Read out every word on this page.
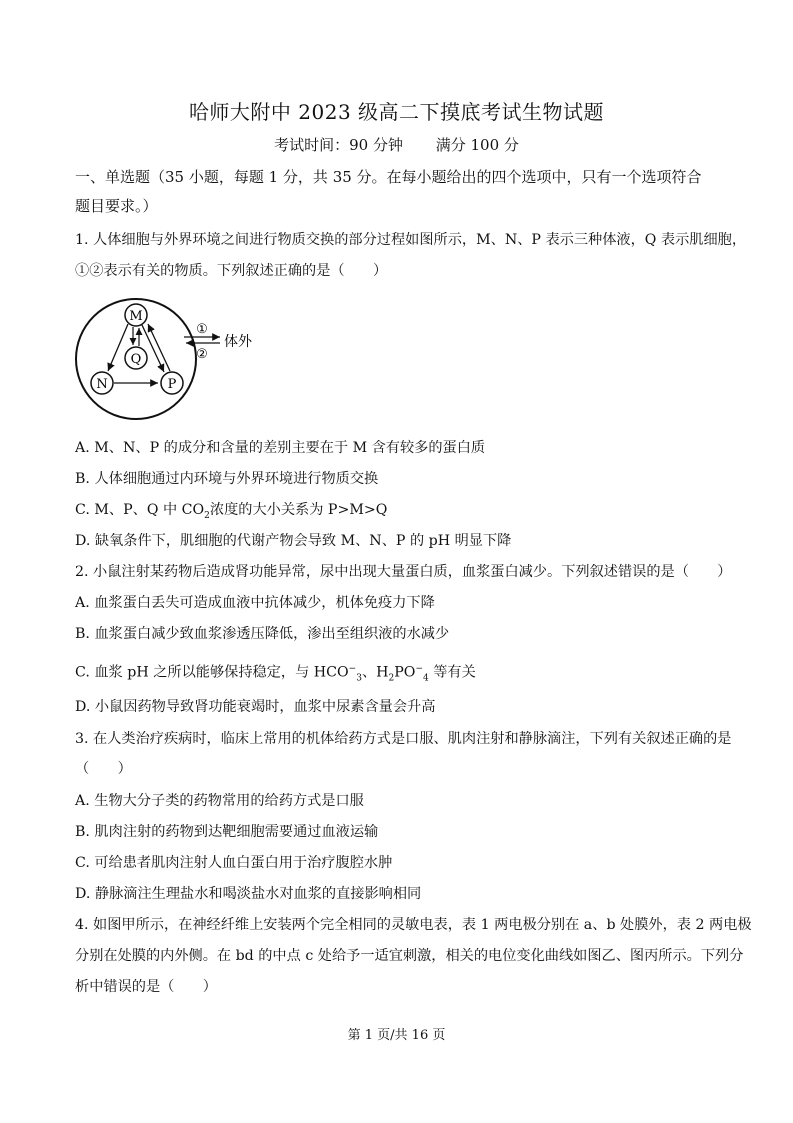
哈师大附中 2023 级高二下摸底考试生物试题
考试时间：90 分钟 满分 100 分
一、单选题（35 小题，每题 1 分，共 35 分。在每小题给出的四个选项中，只有一个选项符合
题目要求。）
1. 人体细胞与外界环境之间进行物质交换的部分过程如图所示，M、N、P 表示三种体液，Q 表示肌细胞，
①②表示有关的物质。下列叙述正确的是（　　）
M
Q
N	P
①
②
体外
A. M、N、P 的成分和含量的差别主要在于 M 含有较多的蛋白质
B. 人体细胞通过内环境与外界环境进行物质交换
C. M、P、Q 中 $CO_2$浓度的大小关系为 P>M>Q
D. 缺氧条件下，肌细胞的代谢产物会导致 M、N、P 的 pH 明显下降
2. 小鼠注射某药物后造成肾功能异常，尿中出现大量蛋白质，血浆蛋白减少。下列叙述错误的是（　　）
A. 血浆蛋白丢失可造成血液中抗体减少，机体免疫力下降
B. 血浆蛋白减少致血浆渗透压降低，渗出至组织液的水减少
C. 血浆 pH 之所以能够保持稳定，与 $HCO^-_3$、$H_2PO^-_4$ 等有关
D. 小鼠因药物导致肾功能衰竭时，血浆中尿素含量会升高
3. 在人类治疗疾病时，临床上常用的机体给药方式是口服、肌肉注射和静脉滴注，下列有关叙述正确的是
（　　）
A. 生物大分子类的药物常用的给药方式是口服
B. 肌肉注射的药物到达靶细胞需要通过血液运输
C. 可给患者肌肉注射人血白蛋白用于治疗腹腔水肿
D. 静脉滴注生理盐水和喝淡盐水对血浆的直接影响相同
4. 如图甲所示，在神经纤维上安装两个完全相同的灵敏电表，表 1 两电极分别在 a、b 处膜外，表 2 两电极
分别在处膜的内外侧。在 bd 的中点 c 处给予一适宜刺激，相关的电位变化曲线如图乙、图丙所示。下列分
析中错误的是（　　）
第 1 页/共 16 页
